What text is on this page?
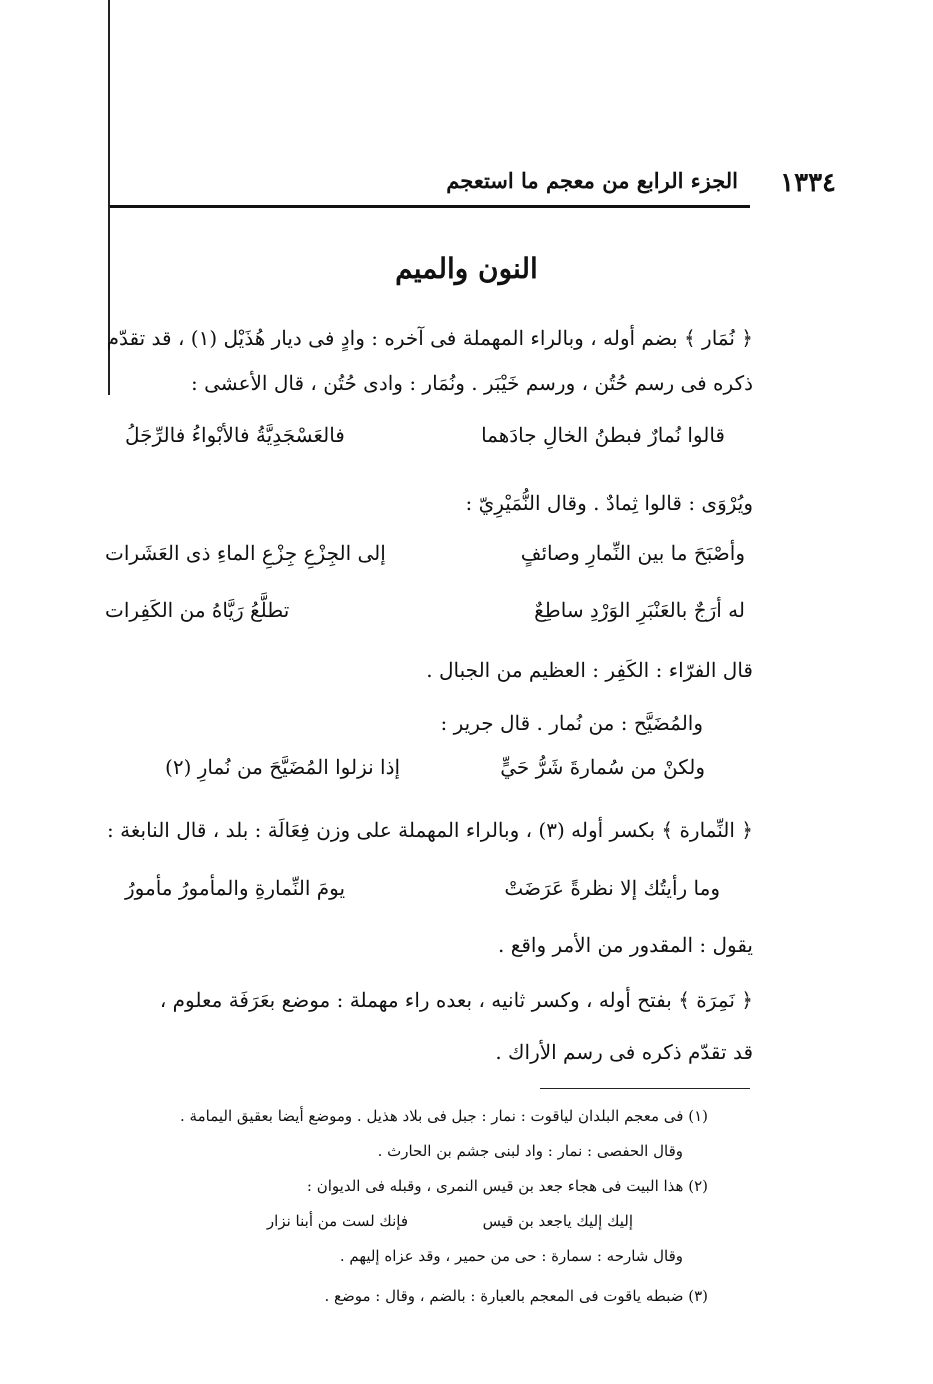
١٣٣٤
الجزء الرابع من معجم ما استعجم
النون والميم
﴿ نُمَار ﴾ بضم أوله ، وبالراء المهملة فى آخره : وادٍ فى ديار هُذَيْل (١) ، قد تقدّم
ذكره فى رسم حُتُن ، ورسم خَيْبَر . ونُمَار : وادى حُتُن ، قال الأعشى :
قالوا نُمارٌ فبطنُ الخالِ جادَهما
فالعَسْجَدِيَّةُ فالأبْواءُ فالرِّجَلُ
ويُرْوَى : قالوا ثِمادٌ . وقال النُّمَيْرِيّ :
وأصْبَحَ ما بين النِّمارِ وصائفٍ
إلى الجِزْعِ جِزْعِ الماءِ ذى العَشَرات
له أرَجٌ بالعَنْبَرِ الوَرْدِ ساطِعٌ
تطلَّعُ رَيَّاهُ من الكَفِرات
قال الفرّاء : الكَفِر : العظيم من الجبال .
والمُضَيَّح : من نُمار . قال جرير :
ولكنْ من سُمارةَ شَرُّ حَيٍّ
إذا نزلوا المُضَيَّحَ من نُمارِ (٢)
﴿ النِّمارة ﴾ بكسر أوله (٣) ، وبالراء المهملة على وزن فِعَالَة : بلد ، قال النابغة :
وما رأيتُك إلا نظرةً عَرَضَتْ
يومَ النِّمارةِ والمأمورُ مأمورُ
يقول : المقدور من الأمر واقع .
﴿ نَمِرَة ﴾ بفتح أوله ، وكسر ثانيه ، بعده راء مهملة : موضع بعَرَفَة معلوم ،
قد تقدّم ذكره فى رسم الأراك .
(١) فى معجم البلدان لياقوت : نمار : جبل فى بلاد هذيل . وموضع أيضا بعقيق اليمامة .
وقال الحفصى : نمار : واد لبنى جشم بن الحارث .
(٢) هذا البيت فى هجاء جعد بن قيس النمرى ، وقبله فى الديوان :
إليك إليك ياجعد بن قيس
فإنك لست من أبنا نزار
وقال شارحه : سمارة : حى من حمير ، وقد عزاه إليهم .
(٣) ضبطه ياقوت فى المعجم بالعبارة : بالضم ، وقال : موضع .
